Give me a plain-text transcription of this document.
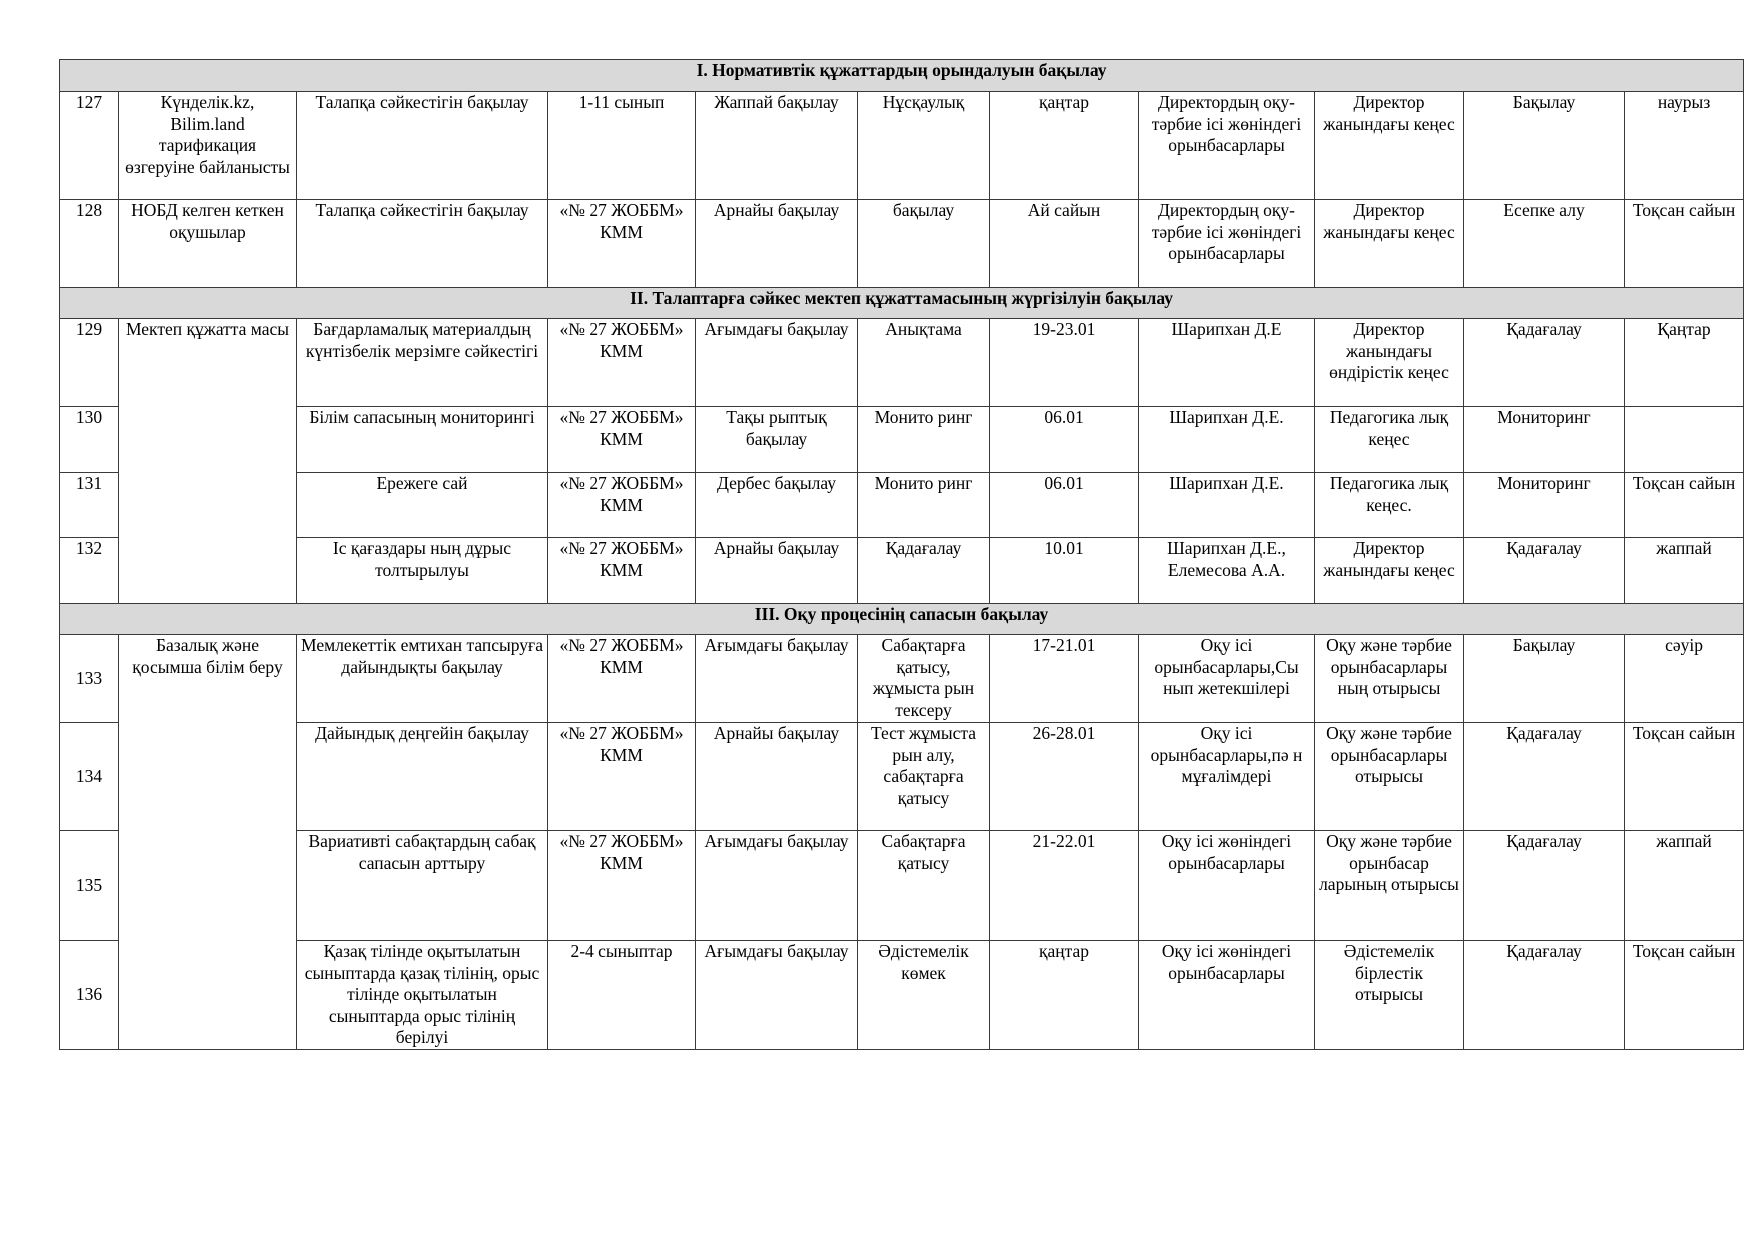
I. Нормативтік құжаттардың орындалуын бақылау										
127	Күнделік.kz, Bilim.land тарификация өзгеруіне байланысты	Талапқа сәйкестігін бақылау	1-11 сынып	Жаппай бақылау	Нұсқаулық	қаңтар	Директордың оқу- тәрбие ісі жөніндегі орынбасарлары	Директор жанындағы кеңес	Бақылау	наурыз
128	НОБД келген кеткен оқушылар	Талапқа сәйкестігін бақылау	«№ 27 ЖОББМ» КММ	Арнайы бақылау	бақылау	Ай сайын	Директордың оқу- тәрбие ісі жөніндегі орынбасарлары	Директор жанындағы кеңес	Есепке алу	Тоқсан сайын
II. Талаптарға сәйкес мектеп құжаттамасының жүргізілуін бақылау										
129	Мектеп құжатта масы	Бағдарламалық материалдың күнтізбелік мерзімге сәйкестігі	«№ 27 ЖОББМ» КММ	Ағымдағы бақылау	Анықтама	19-23.01	Шарипхан Д.Е	Директор жанындағы өндірістік кеңес	Қадағалау	Қаңтар
130		Білім сапасының мониторингі	«№ 27 ЖОББМ» КММ	Тақы рыптық бақылау	Монито ринг	06.01	Шарипхан Д.Е.	Педагогика лық кеңес	Мониторинг	
131		Ережеге сай	«№ 27 ЖОББМ» КММ	Дербес бақылау	Монито ринг	06.01	Шарипхан Д.Е.	Педагогика лық кеңес.	Мониторинг	Тоқсан сайын
132		Іс қағаздары ның дұрыс толтырылуы	«№ 27 ЖОББМ» КММ	Арнайы бақылау	Қадағалау	10.01	Шарипхан Д.Е., Елемесова А.А.	Директор жанындағы кеңес	Қадағалау	жаппай
III. Оқу процесінің сапасын бақылау										
133	Базалық және қосымша білім беру	Мемлекеттік емтихан тапсыруға дайындықты бақылау	«№ 27 ЖОББМ» КММ	Ағымдағы бақылау	Сабақтарға қатысу, жұмыста рын тексеру	17-21.01	Оқу ісі орынбасарлары,Сы нып жетекшілері	Оқу және тәрбие орынбасарлары ның отырысы	Бақылау	сәуір
134		Дайындық деңгейін бақылау	«№ 27 ЖОББМ» КММ	Арнайы бақылау	Тест жұмыста рын алу, сабақтарға қатысу	26-28.01	Оқу ісі орынбасарлары,пә н мұғалімдері	Оқу және тәрбие орынбасарлары отырысы	Қадағалау	Тоқсан сайын
135		Вариативті сабақтардың сабақ сапасын арттыру	«№ 27 ЖОББМ» КММ	Ағымдағы бақылау	Сабақтарға қатысу	21-22.01	Оқу ісі жөніндегі орынбасарлары	Оқу және тәрбие орынбасар ларының отырысы	Қадағалау	жаппай
136		Қазақ тілінде оқытылатын сыныптарда қазақ тілінің, орыс тілінде оқытылатын сыныптарда орыс тілінің берілуі	2-4 сыныптар	Ағымдағы бақылау	Әдістемелік көмек	қаңтар	Оқу ісі жөніндегі орынбасарлары	Әдістемелік бірлестік отырысы	Қадағалау	Тоқсан сайын
